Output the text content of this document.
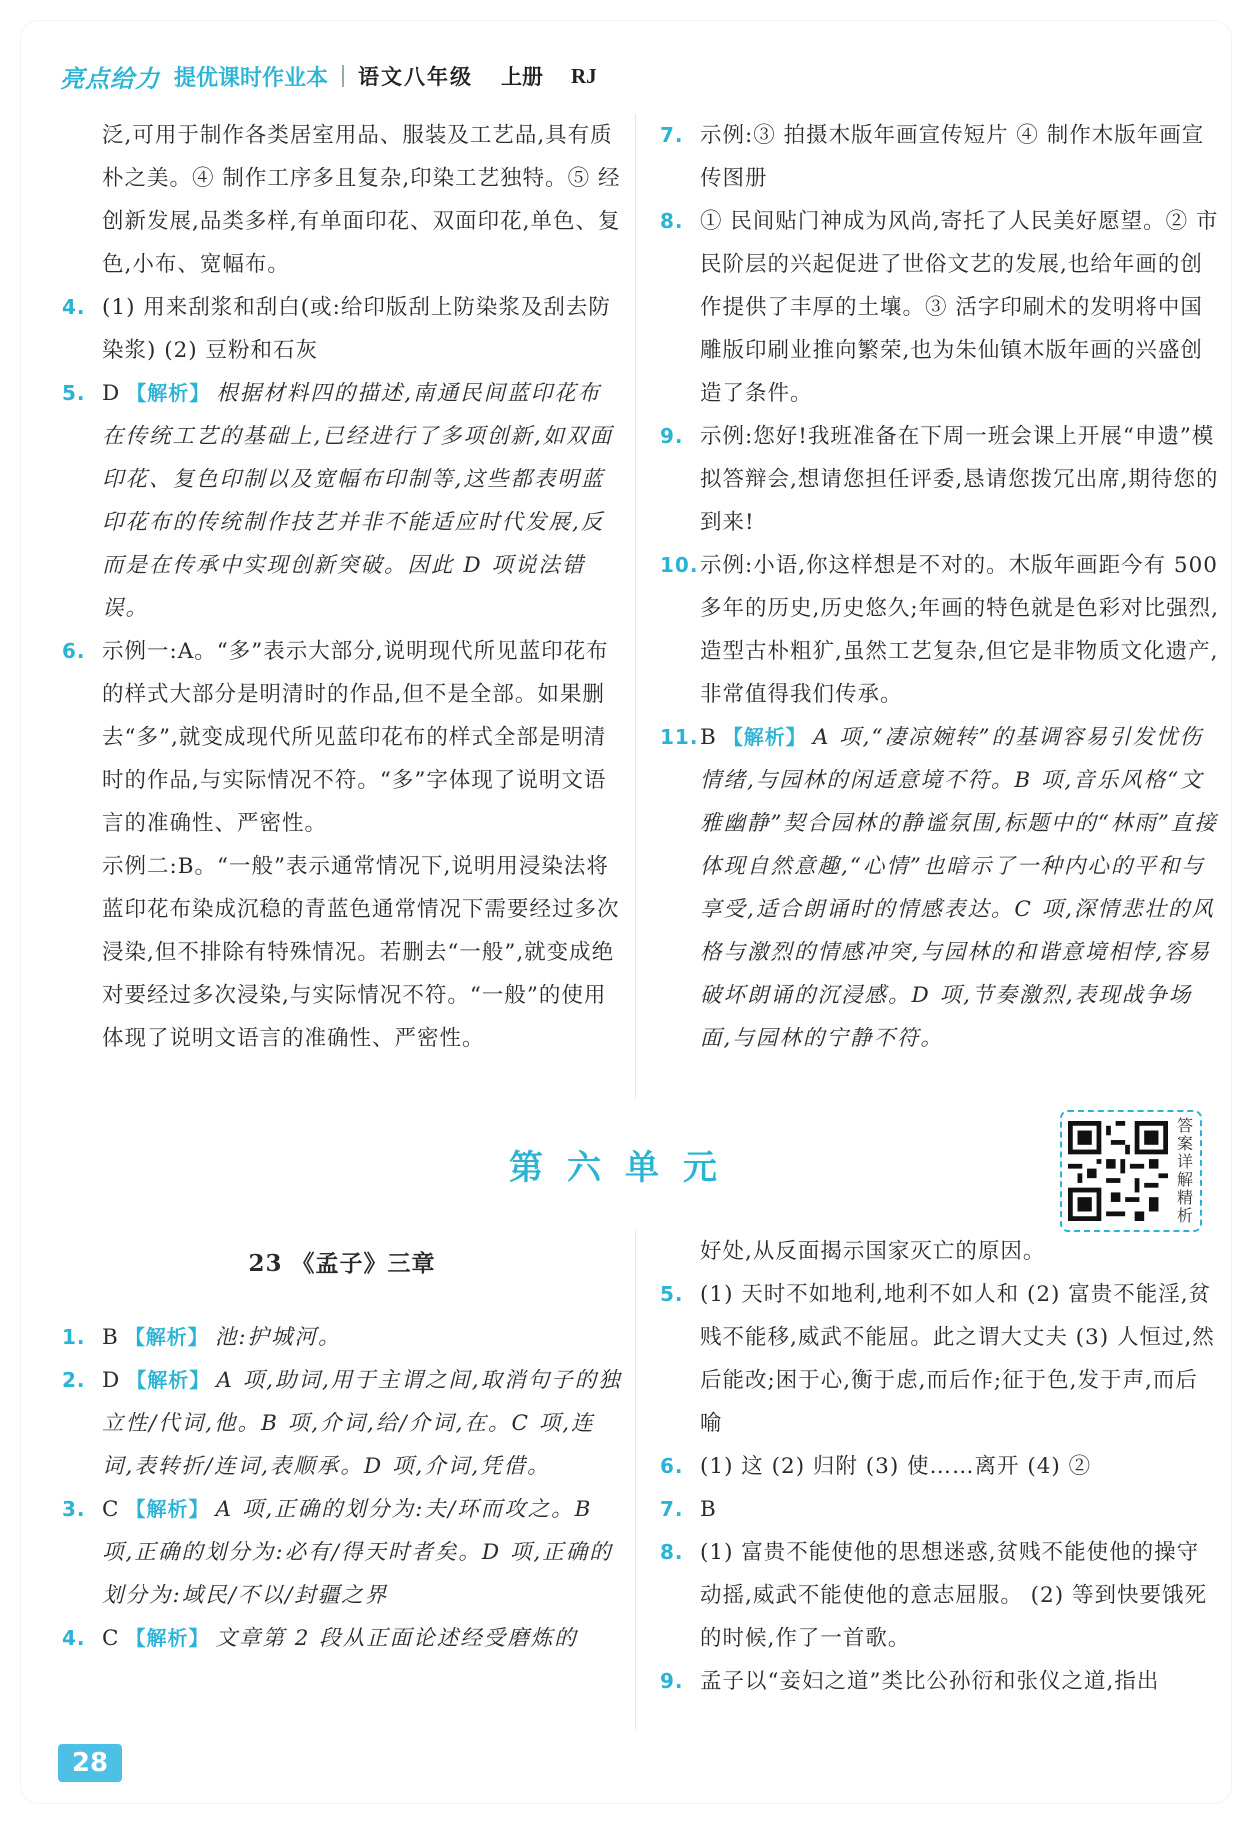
亮点给力 提优课时作业本 语文八年级 上册 RJ
泛,可用于制作各类居室用品、服装及工艺品,具有质朴之美。④ 制作工序多且复杂,印染工艺独特。⑤ 经创新发展,品类多样,有单面印花、双面印花,单色、复色,小布、宽幅布。
4. (1) 用来刮浆和刮白(或:给印版刮上防染浆及刮去防染浆) (2) 豆粉和石灰
5. D 【解析】 根据材料四的描述,南通民间蓝印花布在传统工艺的基础上,已经进行了多项创新,如双面印花、复色印制以及宽幅布印制等,这些都表明蓝印花布的传统制作技艺并非不能适应时代发展,反而是在传承中实现创新突破。因此 D 项说法错误。
6. 示例一:A。“多”表示大部分,说明现代所见蓝印花布的样式大部分是明清时的作品,但不是全部。如果删去“多”,就变成现代所见蓝印花布的样式全部是明清时的作品,与实际情况不符。“多”字体现了说明文语言的准确性、严密性。
示例二:B。“一般”表示通常情况下,说明用浸染法将蓝印花布染成沉稳的青蓝色通常情况下需要经过多次浸染,但不排除有特殊情况。若删去“一般”,就变成绝对要经过多次浸染,与实际情况不符。“一般”的使用体现了说明文语言的准确性、严密性。
7. 示例:③ 拍摄木版年画宣传短片 ④ 制作木版年画宣传图册
8. ① 民间贴门神成为风尚,寄托了人民美好愿望。② 市民阶层的兴起促进了世俗文艺的发展,也给年画的创作提供了丰厚的土壤。③ 活字印刷术的发明将中国雕版印刷业推向繁荣,也为朱仙镇木版年画的兴盛创造了条件。
9. 示例:您好!我班准备在下周一班会课上开展“申遗”模拟答辩会,想请您担任评委,恳请您拨冗出席,期待您的到来!
10. 示例:小语,你这样想是不对的。木版年画距今有 500 多年的历史,历史悠久;年画的特色就是色彩对比强烈,造型古朴粗犷,虽然工艺复杂,但它是非物质文化遗产,非常值得我们传承。
11. B 【解析】 A 项,“凄凉婉转”的基调容易引发忧伤情绪,与园林的闲适意境不符。B 项,音乐风格“文雅幽静”契合园林的静谧氛围,标题中的“林雨”直接体现自然意趣,“心情”也暗示了一种内心的平和与享受,适合朗诵时的情感表达。C 项,深情悲壮的风格与激烈的情感冲突,与园林的和谐意境相悖,容易破坏朗诵的沉浸感。D 项,节奏激烈,表现战争场面,与园林的宁静不符。
第六单元
答案详解精析
23 《孟子》三章
1. B 【解析】 池:护城河。
2. D 【解析】 A 项,助词,用于主谓之间,取消句子的独立性/代词,他。B 项,介词,给/介词,在。C 项,连词,表转折/连词,表顺承。D 项,介词,凭借。
3. C 【解析】 A 项,正确的划分为:夫/环而攻之。B 项,正确的划分为:必有/得天时者矣。D 项,正确的划分为:域民/不以/封疆之界
4. C 【解析】 文章第 2 段从正面论述经受磨炼的
好处,从反面揭示国家灭亡的原因。
5. (1) 天时不如地利,地利不如人和 (2) 富贵不能淫,贫贱不能移,威武不能屈。此之谓大丈夫 (3) 人恒过,然后能改;困于心,衡于虑,而后作;征于色,发于声,而后喻
6. (1) 这 (2) 归附 (3) 使……离开 (4) ②
7. B
8. (1) 富贵不能使他的思想迷惑,贫贱不能使他的操守动摇,威武不能使他的意志屈服。 (2) 等到快要饿死的时候,作了一首歌。
9. 孟子以“妾妇之道”类比公孙衍和张仪之道,指出
28
